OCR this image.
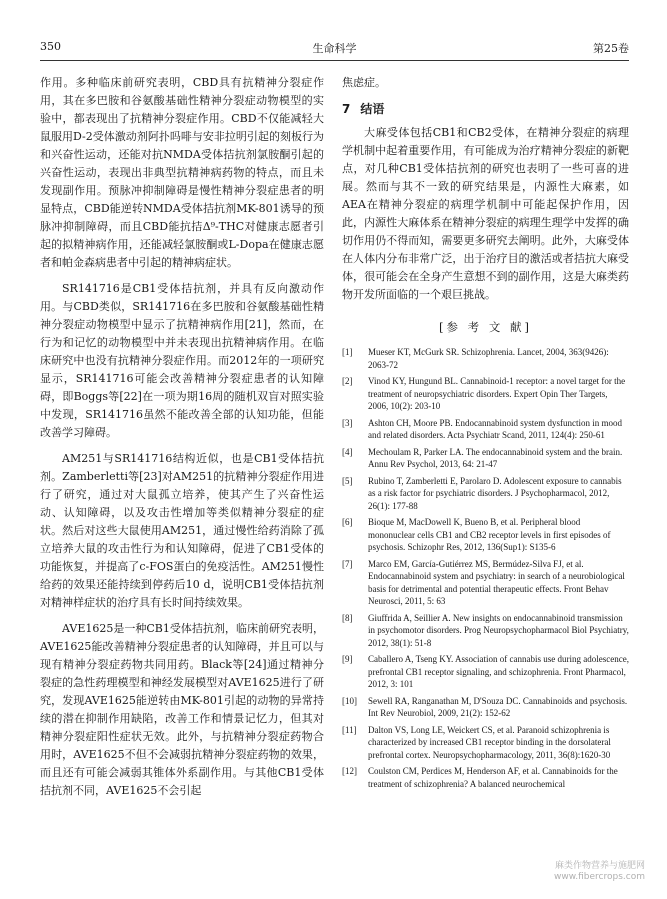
350	生命科学	第25卷

作用。多种临床前研究表明，CBD具有抗精神分裂症作用，其在多巴胺和谷氨酸基础性精神分裂症动物模型的实验中，都表现出了抗精神分裂症作用。CBD不仅能减轻大鼠服用D-2受体激动剂阿扑吗啡与安非拉明引起的刻板行为和兴奋性运动，还能对抗NMDA受体拮抗剂氯胺酮引起的兴奋性运动，表现出非典型抗精神病药物的特点，而且未发现副作用。预脉冲抑制障碍是慢性精神分裂症患者的明显特点，CBD能逆转NMDA受体拮抗剂MK-801诱导的预脉冲抑制障碍，而且CBD能抗拮Δ⁹-THC对健康志愿者引起的拟精神病作用，还能减轻氯胺酮或L-Dopa在健康志愿者和帕金森病患者中引起的精神病症状。

SR141716是CB1受体拮抗剂，并具有反向激动作用。与CBD类似，SR141716在多巴胺和谷氨酸基础性精神分裂症动物模型中显示了抗精神病作用[21]，然而，在行为和记忆的动物模型中并未表现出抗精神病作用。在临床研究中也没有抗精神分裂症作用。而2012年的一项研究显示，SR141716可能会改善精神分裂症患者的认知障碍，即Boggs等[22]在一项为期16周的随机双盲对照实验中发现，SR141716虽然不能改善全部的认知功能，但能改善学习障碍。

AM251与SR141716结构近似，也是CB1受体拮抗剂。Zamberletti等[23]对AM251的抗精神分裂症作用进行了研究，通过对大鼠孤立培养，使其产生了兴奋性运动、认知障碍，以及攻击性增加等类似精神分裂症的症状。然后对这些大鼠使用AM251，通过慢性给药消除了孤立培养大鼠的攻击性行为和认知障碍，促进了CB1受体的功能恢复，并提高了c-FOS蛋白的免疫活性。AM251慢性给药的效果还能持续到停药后10 d，说明CB1受体拮抗剂对精神样症状的治疗具有长时间持续效果。

AVE1625是一种CB1受体拮抗剂，临床前研究表明，AVE1625能改善精神分裂症患者的认知障碍，并且可以与现有精神分裂症药物共同用药。Black等[24]通过精神分裂症的急性药理模型和神经发展模型对AVE1625进行了研究，发现AVE1625能逆转由MK-801引起的动物的异常持续的潜在抑制作用缺陷，改善工作和情景记忆力，但其对精神分裂症阳性症状无效。此外，与抗精神分裂症药物合用时，AVE1625不但不会减弱抗精神分裂症药物的效果，而且还有可能会减弱其锥体外系副作用。与其他CB1受体拮抗剂不同，AVE1625不会引起

焦虑症。

7 结语

大麻受体包括CB1和CB2受体，在精神分裂症的病理学机制中起着重要作用，有可能成为治疗精神分裂症的新靶点，对几种CB1受体拮抗剂的研究也表明了一些可喜的进展。然而与其不一致的研究结果是，内源性大麻素，如AEA在精神分裂症的病理学机制中可能起保护作用，因此，内源性大麻体系在精神分裂症的病理生理学中发挥的确切作用仍不得而知，需要更多研究去阐明。此外，大麻受体在人体内分布非常广泛，出于治疗目的激活或者拮抗大麻受体，很可能会在全身产生意想不到的副作用，这是大麻类药物开发所面临的一个艰巨挑战。

[参 考 文 献]
[1] Mueser KT, McGurk SR. Schizophrenia. Lancet, 2004, 363(9426): 2063-72
[2] Vinod KY, Hungund BL. Cannabinoid-1 receptor: a novel target for the treatment of neuropsychiatric disorders. Expert Opin Ther Targets, 2006, 10(2): 203-10
[3] Ashton CH, Moore PB. Endocannabinoid system dysfunction in mood and related disorders. Acta Psychiatr Scand, 2011, 124(4): 250-61
[4] Mechoulam R, Parker LA. The endocannabinoid system and the brain. Annu Rev Psychol, 2013, 64: 21-47
[5] Rubino T, Zamberletti E, Parolaro D. Adolescent exposure to cannabis as a risk factor for psychiatric disorders. J Psychopharmacol, 2012, 26(1): 177-88
[6] Bioque M, MacDowell K, Bueno B, et al. Peripheral blood mononuclear cells CB1 and CB2 receptor levels in first episodes of psychosis. Schizophr Res, 2012, 136(Sup1): S135-6
[7] Marco EM, García-Gutiérrez MS, Bermúdez-Silva FJ, et al. Endocannabinoid system and psychiatry: in search of a neurobiological basis for detrimental and potential therapeutic effects. Front Behav Neurosci, 2011, 5: 63
[8] Giuffrida A, Seillier A. New insights on endocannabinoid transmission in psychomotor disorders. Prog Neuropsychopharmacol Biol Psychiatry, 2012, 38(1): 51-8
[9] Caballero A, Tseng KY. Association of cannabis use during adolescence, prefrontal CB1 receptor signaling, and schizophrenia. Front Pharmacol, 2012, 3: 101
[10] Sewell RA, Ranganathan M, D'Souza DC. Cannabinoids and psychosis. Int Rev Neurobiol, 2009, 21(2): 152-62
[11] Dalton VS, Long LE, Weickert CS, et al. Paranoid schizophrenia is characterized by increased CB1 receptor binding in the dorsolateral prefrontal cortex. Neuropsychopharmacology, 2011, 36(8):1620-30
[12] Coulston CM, Perdices M, Henderson AF, et al. Cannabinoids for the treatment of schizophrenia? A balanced neurochemical
麻类作物营养与施肥网
www.fibercrops.com
